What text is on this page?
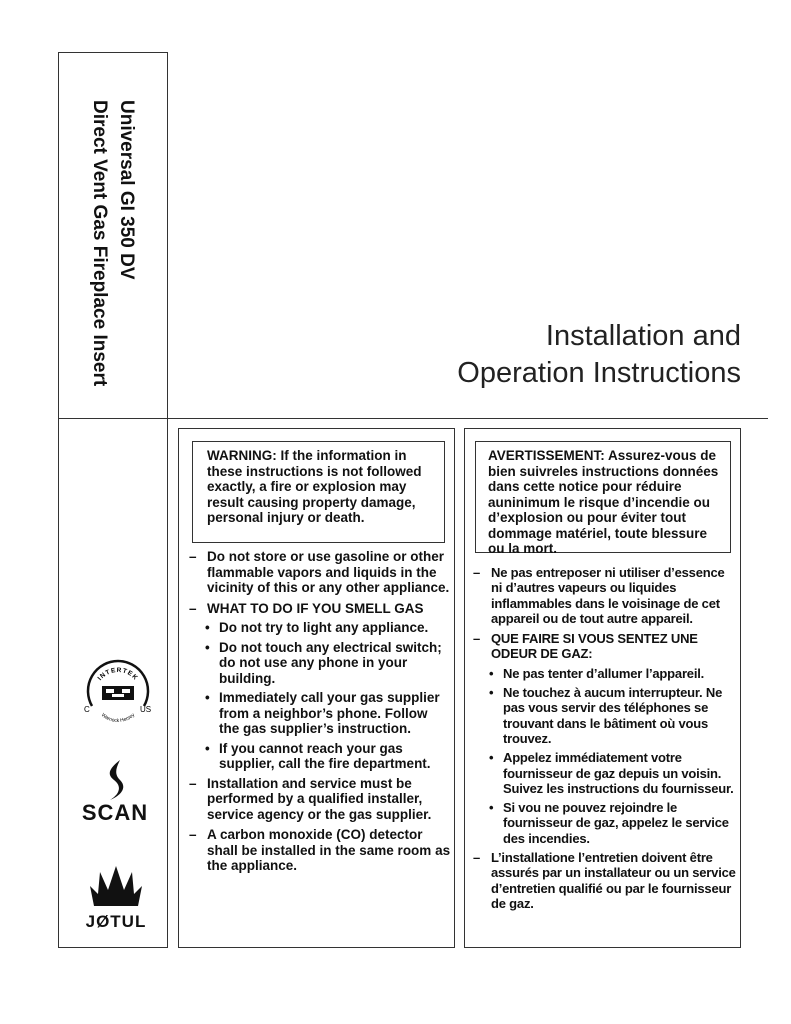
Universal GI 350 DV
Direct Vent Gas Fireplace Insert	Installation and
Operation Instructions
WARNING: If the information in these instructions is not followed exactly, a fire or explosion may result causing property damage, personal injury or death.
– Do not store or use gasoline or other flammable vapors and liquids in the vicinity of this or any other appliance.
– WHAT TO DO IF YOU SMELL GAS
• Do not try to light any appliance.
• Do not touch any electrical switch; do not use any phone in your building.
• Immediately call your gas supplier from a neighbor’s phone. Follow the gas supplier’s instruction.
• If you cannot reach your gas supplier, call the fire department.
– Installation and service must be performed by a qualified installer, service agency or the gas supplier.
– A carbon monoxide (CO) detector shall be installed in the same room as the appliance.
AVERTISSEMENT: Assurez-vous de bien suivreles instructions données dans cette notice pour réduire auninimum le risque d’incendie ou d’explosion ou pour éviter tout dommage matériel, toute blessure ou la mort.
– Ne pas entreposer ni utiliser d’essence ni d’autres vapeurs ou liquides inflammables dans le voisinage de cet appareil ou de tout autre appareil.
– QUE FAIRE SI VOUS SENTEZ UNE ODEUR DE GAZ:
• Ne pas tenter d’allumer l’appareil.
• Ne touchez à aucum interrupteur. Ne pas vous servir des téléphones se trouvant dans le bâtiment où vous trouvez.
• Appelez immédiatement votre fournisseur de gaz depuis un voisin. Suivez les instructions du fournisseur.
• Si vou ne pouvez rejoindre le fournisseur de gaz, appelez le service des incendies.
– L’installatione l’entretien doivent être assurés par un installateur ou un service d’entretien qualifié ou par le fournisseur de gaz.
INTERTEK
Warnock Hersey
C	US
SCAN
JØTUL
